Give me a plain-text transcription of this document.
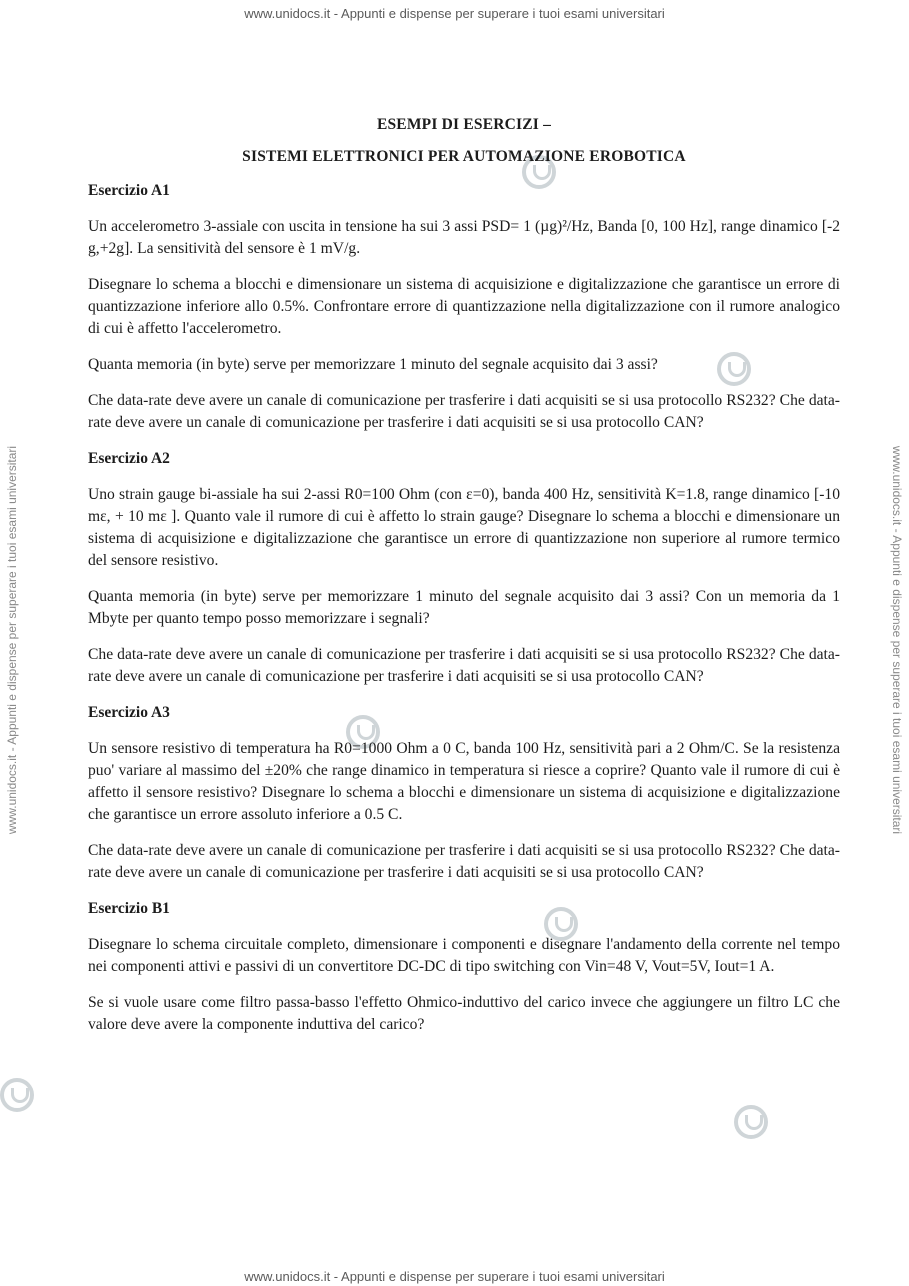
www.unidocs.it - Appunti e dispense per superare i tuoi esami universitari
www.unidocs.it - Appunti e dispense per superare i tuoi esami universitari
www.unidocs.it - Appunti e dispense per superare i tuoi esami universitari	www.unidocs.it - Appunti e dispense per superare i tuoi esami universitari
ESEMPI DI ESERCIZI –
SISTEMI ELETTRONICI PER AUTOMAZIONE EROBOTICA
Esercizio A1

Un accelerometro 3-assiale con uscita in tensione ha sui 3 assi PSD= 1 (µg)²/Hz, Banda [0, 100 Hz], range dinamico [-2 g,+2g]. La sensitività del sensore è 1 mV/g.

Disegnare lo schema a blocchi e dimensionare un sistema di acquisizione e digitalizzazione che garantisce un errore di quantizzazione inferiore allo 0.5%. Confrontare errore di quantizzazione nella digitalizzazione con il rumore analogico di cui è affetto l'accelerometro.

Quanta memoria (in byte) serve per memorizzare 1 minuto del segnale acquisito dai 3 assi?

Che data-rate deve avere un canale di comunicazione per trasferire i dati acquisiti se si usa protocollo RS232? Che data-rate deve avere un canale di comunicazione per trasferire i dati acquisiti se si usa protocollo CAN?

Esercizio A2

Uno strain gauge bi-assiale ha sui 2-assi R0=100 Ohm (con ε=0), banda 400 Hz, sensitività K=1.8, range dinamico [-10 mε, + 10 mε ]. Quanto vale il rumore di cui è affetto lo strain gauge? Disegnare lo schema a blocchi e dimensionare un sistema di acquisizione e digitalizzazione che garantisce un errore di quantizzazione non superiore al rumore termico del sensore resistivo.

Quanta memoria (in byte) serve per memorizzare 1 minuto del segnale acquisito dai 3 assi? Con un memoria da 1 Mbyte per quanto tempo posso memorizzare i segnali?

Che data-rate deve avere un canale di comunicazione per trasferire i dati acquisiti se si usa protocollo RS232? Che data-rate deve avere un canale di comunicazione per trasferire i dati acquisiti se si usa protocollo CAN?

Esercizio A3

Un sensore resistivo di temperatura ha R0=1000 Ohm a 0 C, banda 100 Hz, sensitività pari a 2 Ohm/C. Se la resistenza puo' variare al massimo del ±20% che range dinamico in temperatura si riesce a coprire? Quanto vale il rumore di cui è affetto il sensore resistivo? Disegnare lo schema a blocchi e dimensionare un sistema di acquisizione e digitalizzazione che garantisce un errore assoluto inferiore a 0.5 C.

Che data-rate deve avere un canale di comunicazione per trasferire i dati acquisiti se si usa protocollo RS232? Che data-rate deve avere un canale di comunicazione per trasferire i dati acquisiti se si usa protocollo CAN?

Esercizio B1

Disegnare lo schema circuitale completo, dimensionare i componenti e disegnare l'andamento della corrente nel tempo nei componenti attivi e passivi di un convertitore DC-DC di tipo switching con Vin=48 V, Vout=5V, Iout=1 A.

Se si vuole usare come filtro passa-basso l'effetto Ohmico-induttivo del carico invece che aggiungere un filtro LC che valore deve avere la componente induttiva del carico?
